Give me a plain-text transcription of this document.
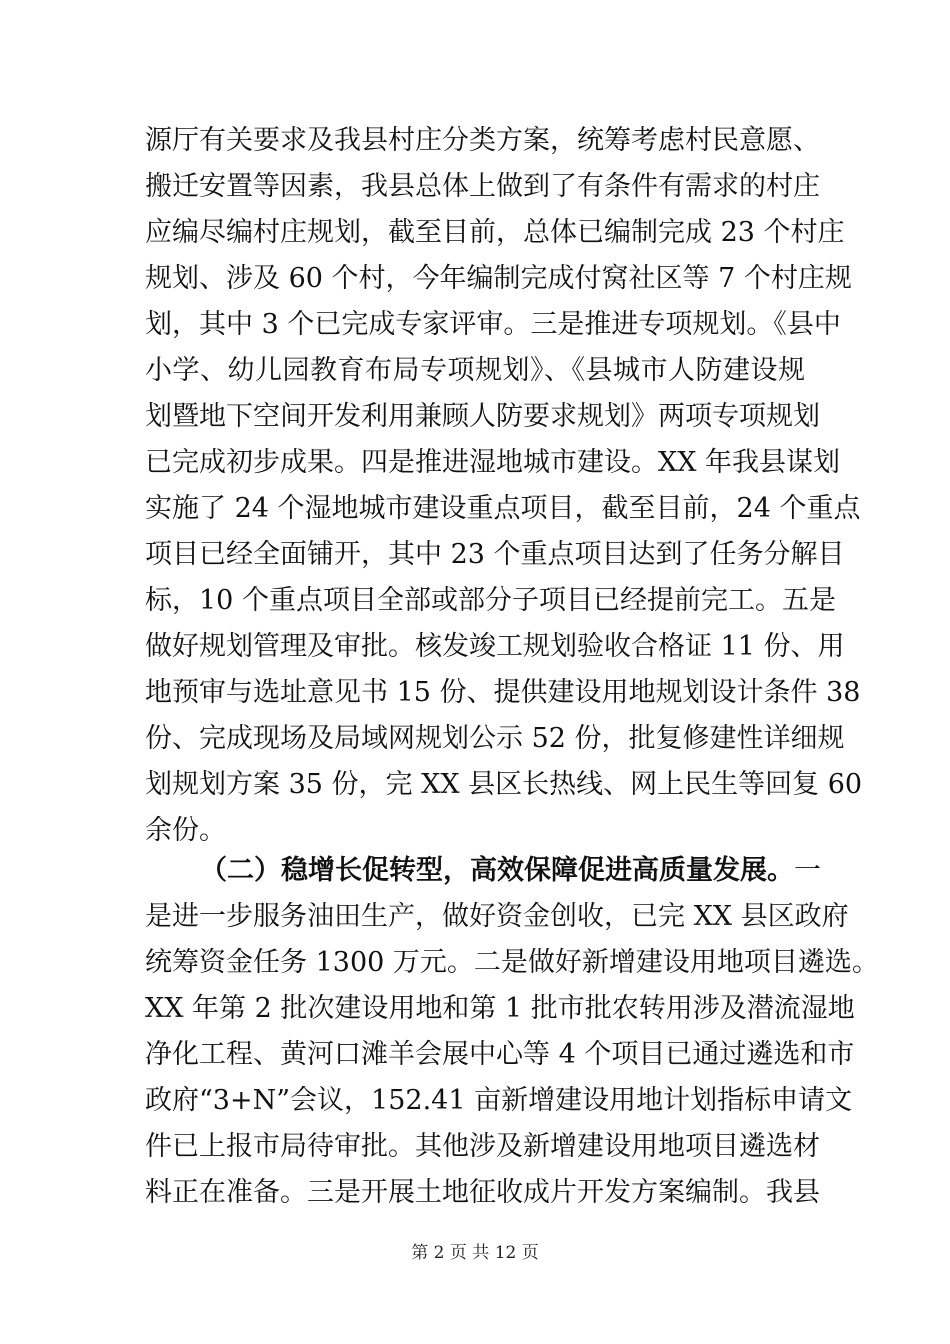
源厅有关要求及我县村庄分类方案，统筹考虑村民意愿、
搬迁安置等因素，我县总体上做到了有条件有需求的村庄
应编尽编村庄规划，截至目前，总体已编制完成 23 个村庄
规划、涉及 60 个村，今年编制完成付窝社区等 7 个村庄规
划，其中 3 个已完成专家评审。三是推进专项规划。《县中
小学、幼儿园教育布局专项规划》、《县城市人防建设规
划暨地下空间开发利用兼顾人防要求规划》两项专项规划
已完成初步成果。四是推进湿地城市建设。XX 年我县谋划
实施了 24 个湿地城市建设重点项目，截至目前，24 个重点
项目已经全面铺开，其中 23 个重点项目达到了任务分解目
标，10 个重点项目全部或部分子项目已经提前完工。五是
做好规划管理及审批。核发竣工规划验收合格证 11 份、用
地预审与选址意见书 15 份、提供建设用地规划设计条件 38
份、完成现场及局域网规划公示 52 份，批复修建性详细规
划规划方案 35 份，完 XX 县区长热线、网上民生等回复 60
余份。
（二）稳增长促转型，高效保障促进高质量发展。一
是进一步服务油田生产，做好资金创收，已完 XX 县区政府
统筹资金任务 1300 万元。二是做好新增建设用地项目遴选。
XX 年第 2 批次建设用地和第 1 批市批农转用涉及潜流湿地
净化工程、黄河口滩羊会展中心等 4 个项目已通过遴选和市
政府“3+N”会议，152.41 亩新增建设用地计划指标申请文
件已上报市局待审批。其他涉及新增建设用地项目遴选材
料正在准备。三是开展土地征收成片开发方案编制。我县
第 2 页 共 12 页
